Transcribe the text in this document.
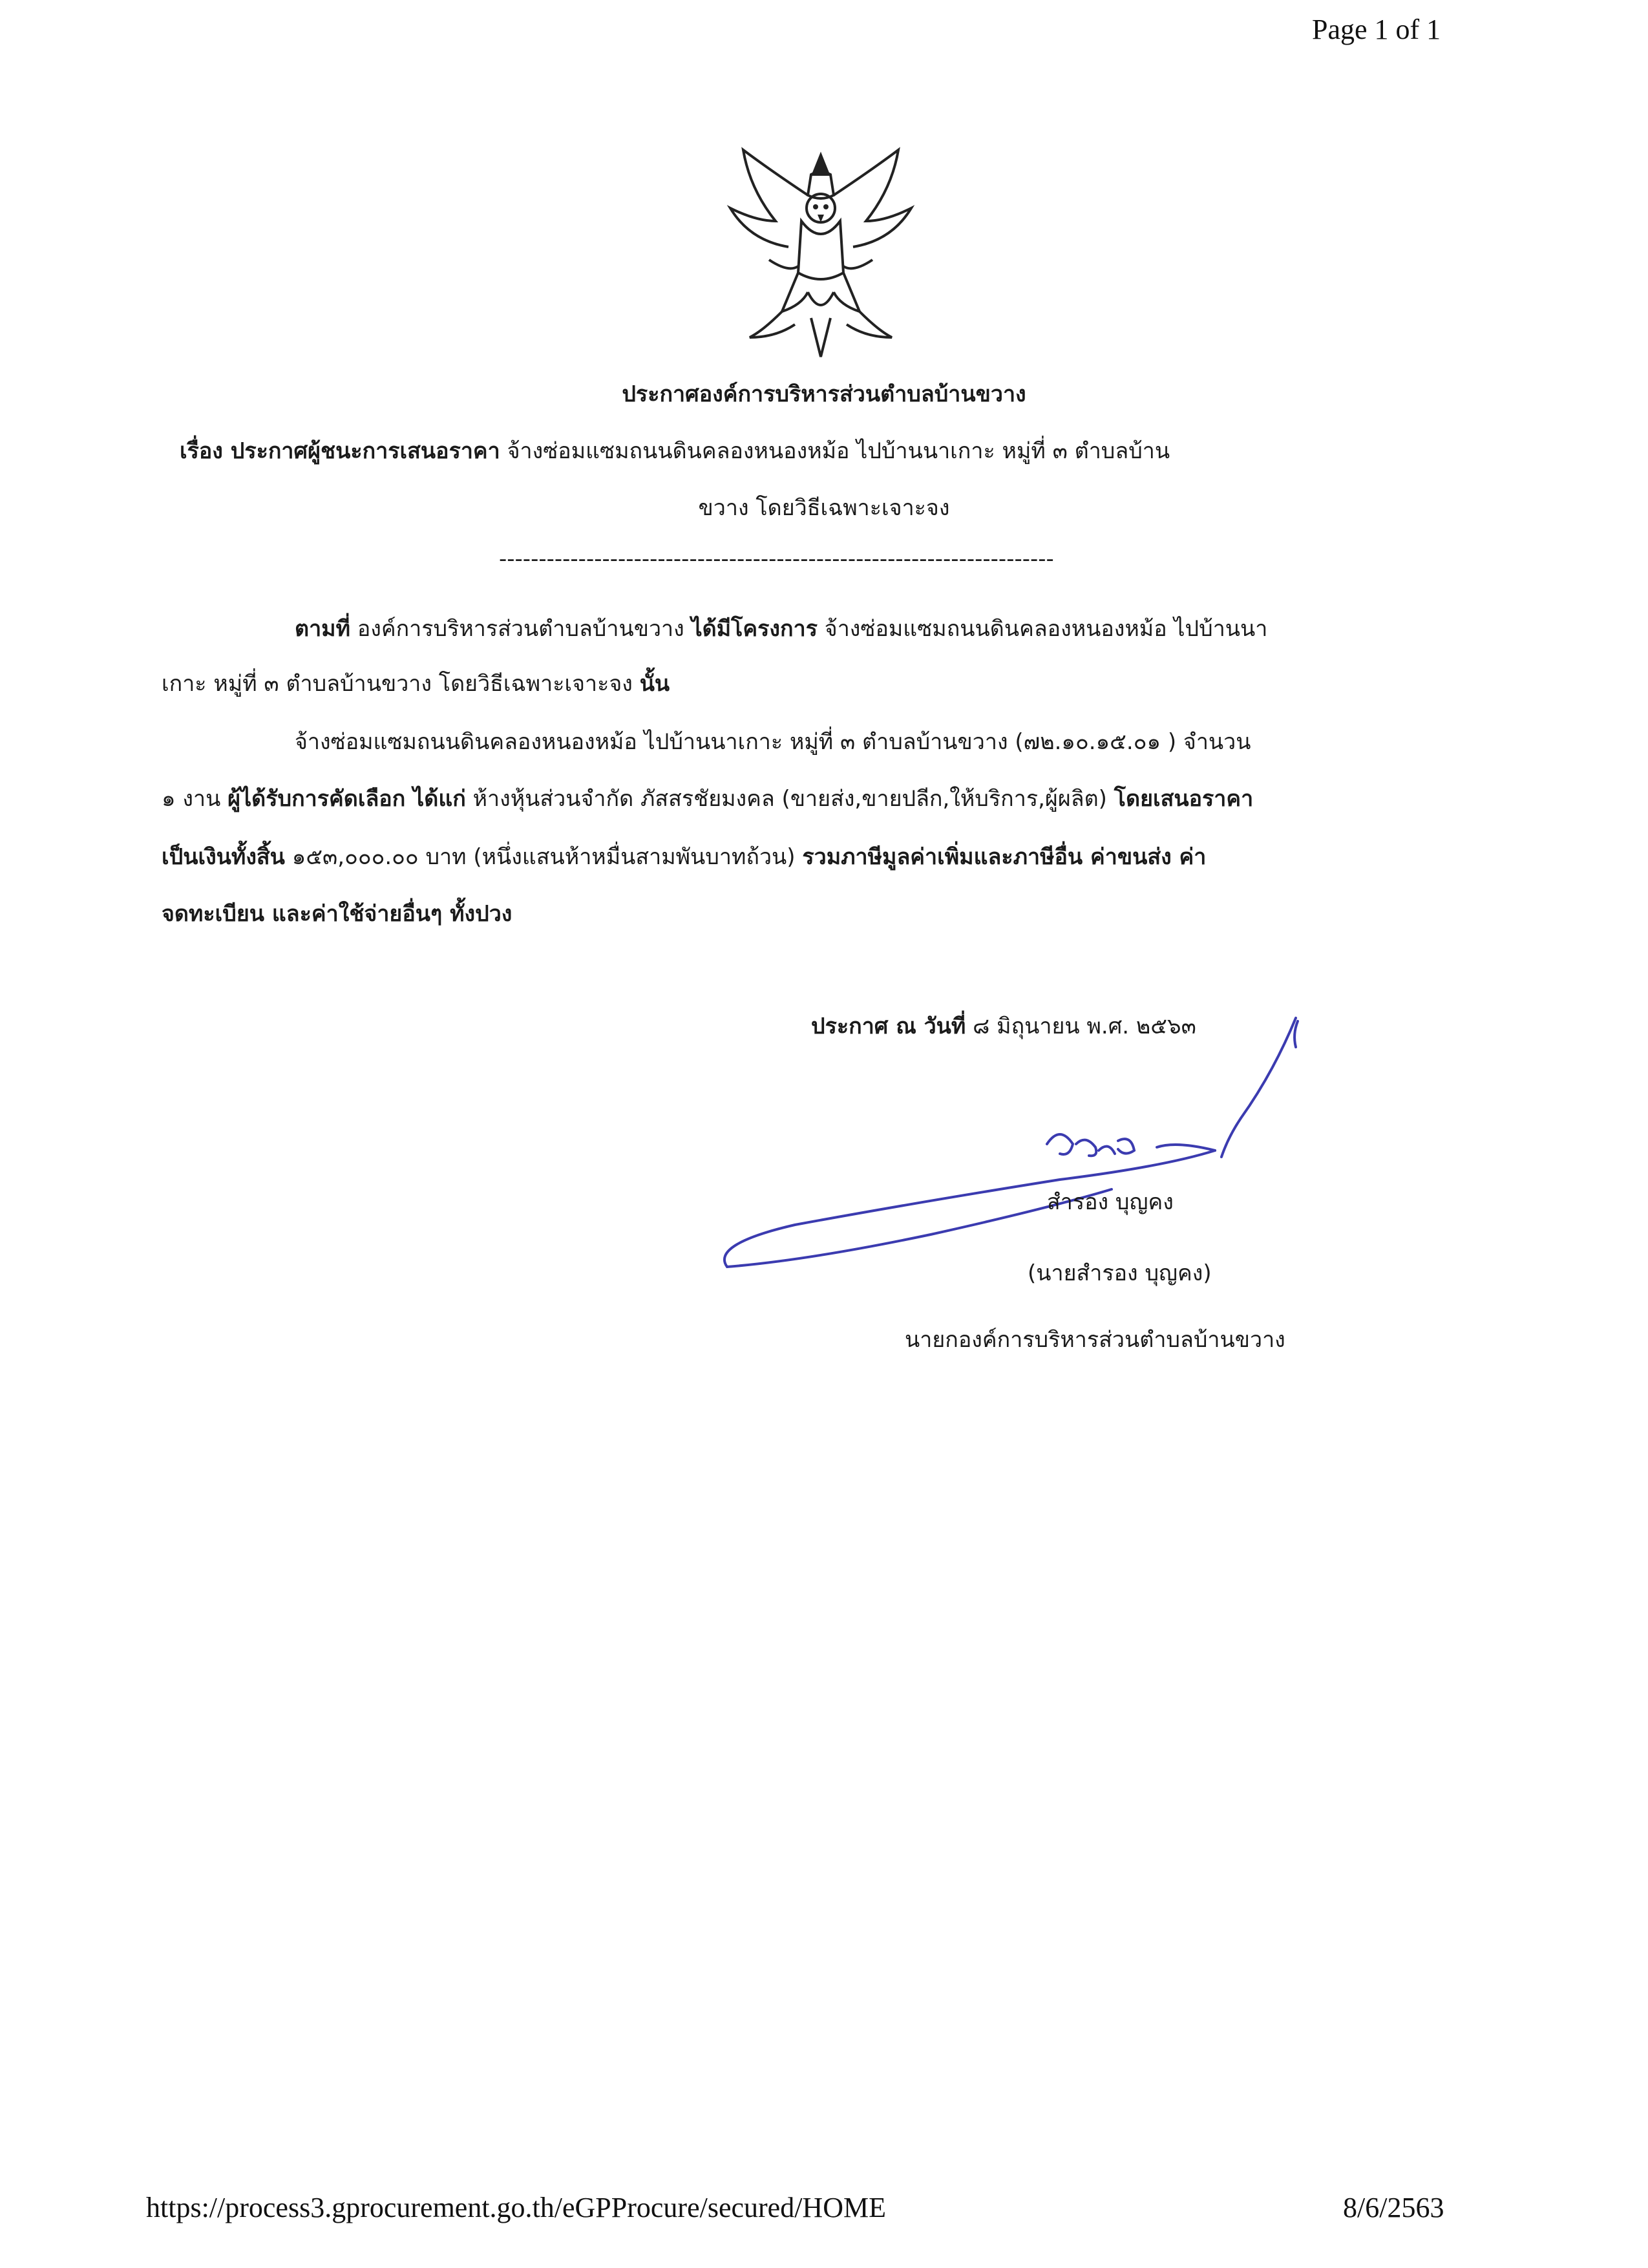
Page 1 of 1
ประกาศองค์การบริหารส่วนตำบลบ้านขวาง
เรื่อง ประกาศผู้ชนะการเสนอราคา จ้างซ่อมแซมถนนดินคลองหนองหม้อ ไปบ้านนาเกาะ หมู่ที่ ๓ ตำบลบ้าน
ขวาง โดยวิธีเฉพาะเจาะจง
----------------------------------------------------------------------
ตามที่ องค์การบริหารส่วนตำบลบ้านขวาง ได้มีโครงการ จ้างซ่อมแซมถนนดินคลองหนองหม้อ ไปบ้านนา
เกาะ หมู่ที่ ๓ ตำบลบ้านขวาง โดยวิธีเฉพาะเจาะจง นั้น
จ้างซ่อมแซมถนนดินคลองหนองหม้อ ไปบ้านนาเกาะ หมู่ที่ ๓ ตำบลบ้านขวาง (๗๒.๑๐.๑๕.๐๑ ) จำนวน
๑ งาน ผู้ได้รับการคัดเลือก ได้แก่ ห้างหุ้นส่วนจำกัด ภัสสรชัยมงคล (ขายส่ง,ขายปลีก,ให้บริการ,ผู้ผลิต) โดยเสนอราคา
เป็นเงินทั้งสิ้น ๑๕๓,๐๐๐.๐๐ บาท (หนึ่งแสนห้าหมื่นสามพันบาทถ้วน) รวมภาษีมูลค่าเพิ่มและภาษีอื่น ค่าขนส่ง ค่า
จดทะเบียน และค่าใช้จ่ายอื่นๆ ทั้งปวง
ประกาศ ณ วันที่ ๘ มิถุนายน พ.ศ. ๒๕๖๓
สำรอง บุญคง
(นายสำรอง บุญคง)
นายกองค์การบริหารส่วนตำบลบ้านขวาง
https://process3.gprocurement.go.th/eGPProcure/secured/HOME	8/6/2563
